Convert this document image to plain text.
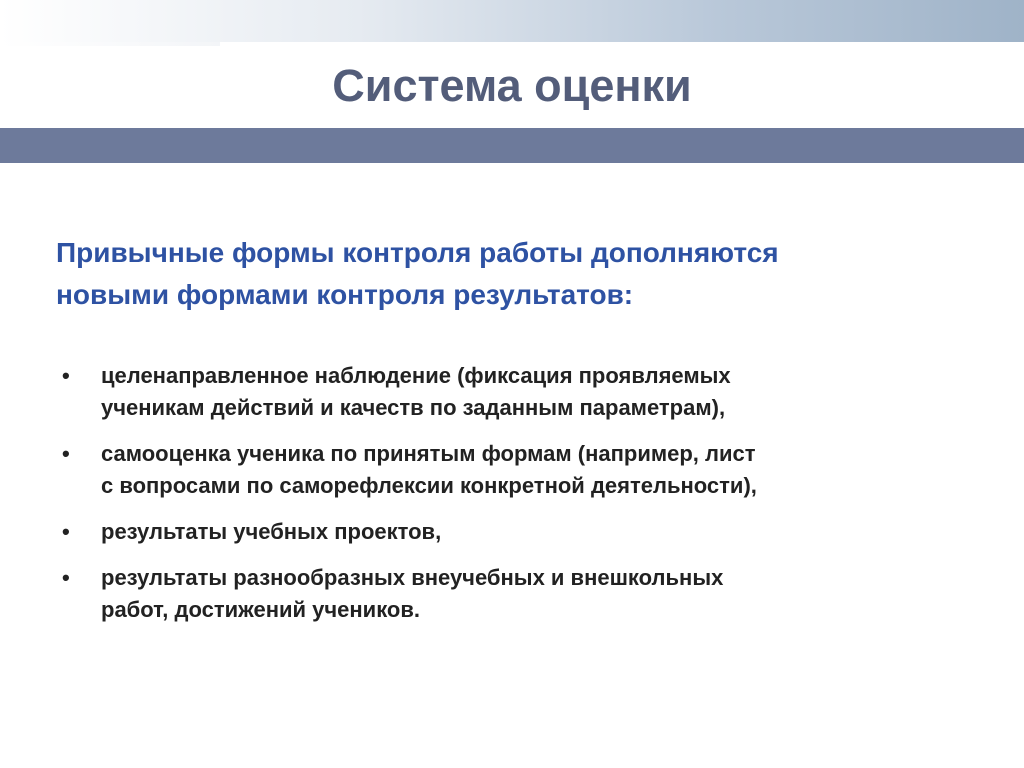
Система оценки

Привычные формы контроля работы дополняются
новыми формами контроля результатов:

• целенаправленное наблюдение (фиксация проявляемых
ученикам действий и качеств по заданным параметрам),
• самооценка ученика по принятым формам (например, лист
с вопросами по саморефлексии конкретной деятельности),
• результаты учебных проектов,
• результаты разнообразных внеучебных и внешкольных
работ, достижений учеников.
